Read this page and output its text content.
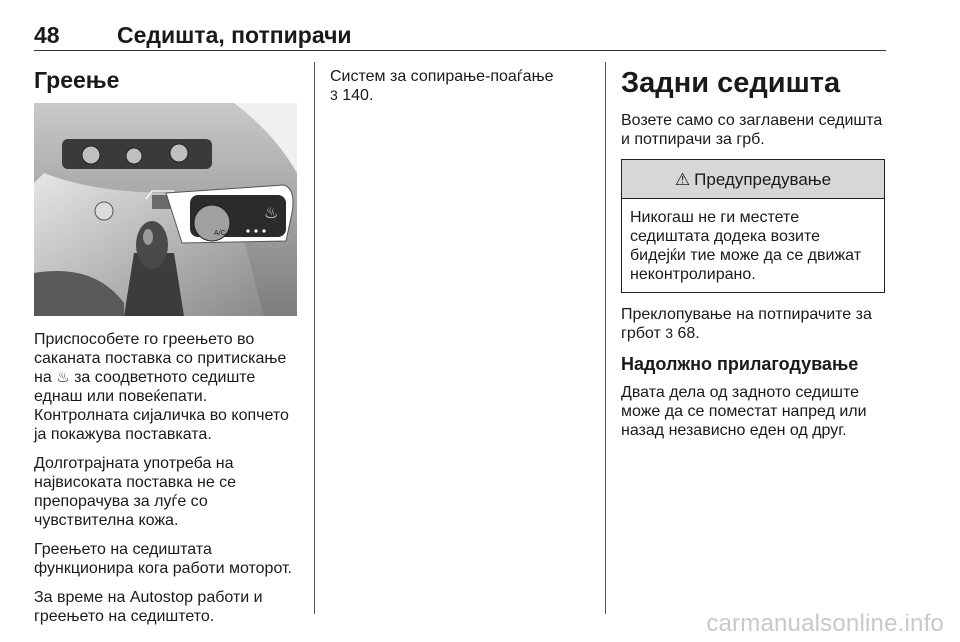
48 Седишта, потпирачи
Греење
A/C
♨

Приспособете го греењето во саканата поставка со притискање на ♨ за соодветното седиште еднаш или повеќепати. Контролната сијаличка во копчето ја покажува поставката.

Долготрајната употреба на највисоката поставка не се препорачува за луѓе со чувствителна кожа.

Греењето на седиштата функционира кога работи моторот.

За време на Autostop работи и греењето на седиштето.

Систем за сопирање-поаѓање
3 140.	Задни седишта

Возете само со заглавени седишта и потпирачи за грб.

⚠ Предупредување
Никогаш не ги местете седиштата додека возите бидејќи тие може да се движат неконтролирано.

Преклопување на потпирачите за грбот 3 68.

Надолжно прилагодување

Двата дела од задното седиште може да се поместат напред или назад независно еден од друг.

carmanualsonline.info
